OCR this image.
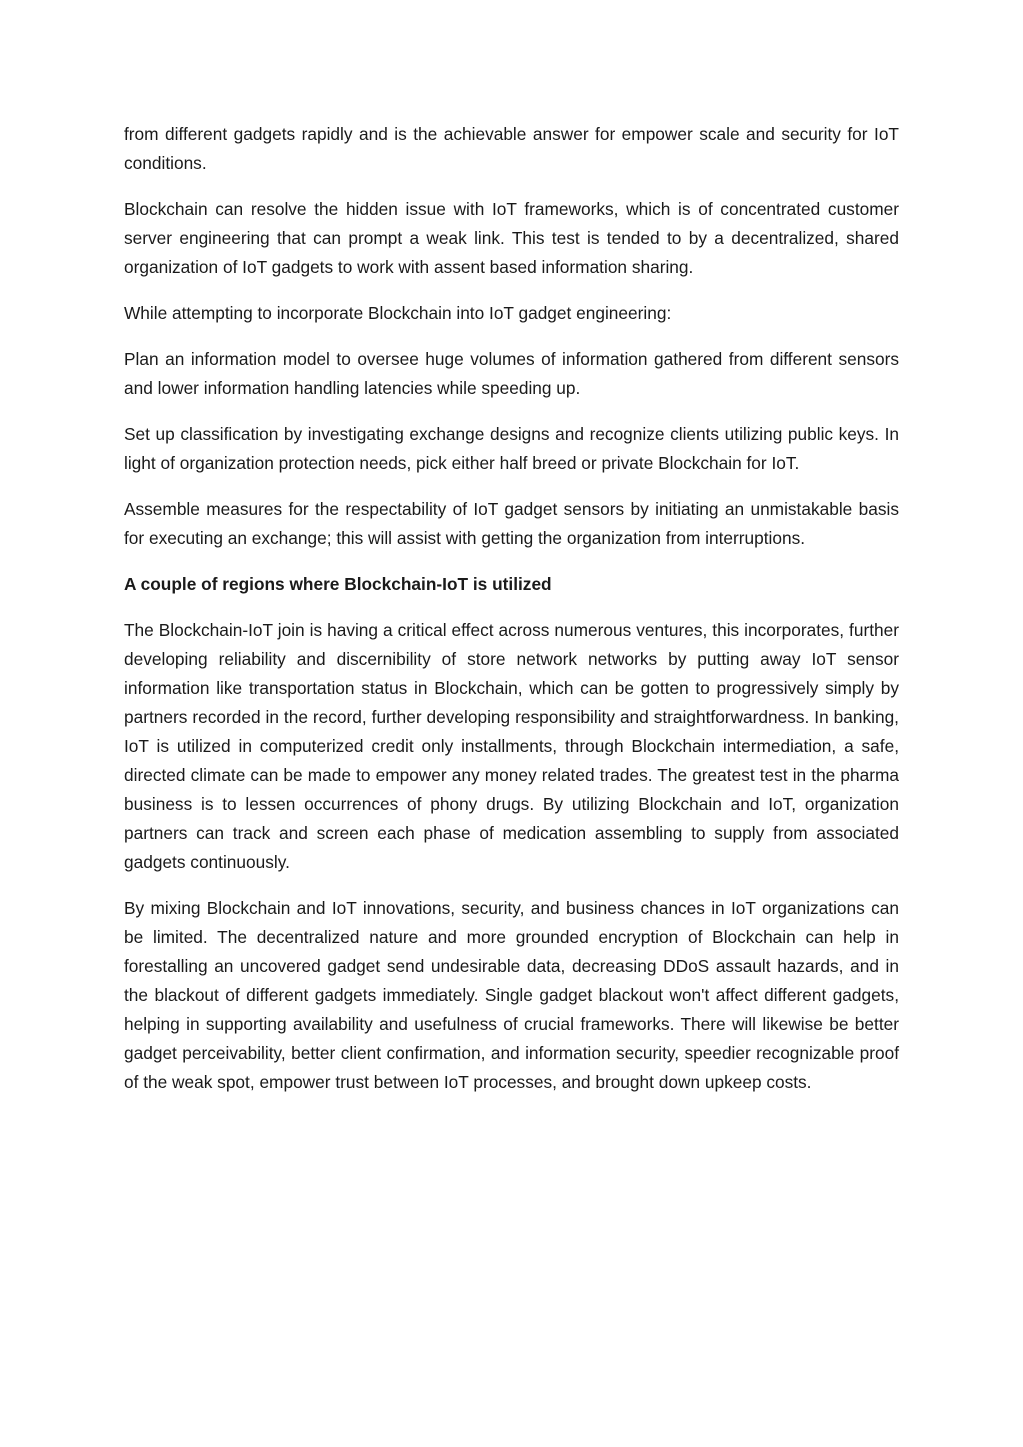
from different gadgets rapidly and is the achievable answer for empower scale and security for IoT conditions.

Blockchain can resolve the hidden issue with IoT frameworks, which is of concentrated customer server engineering that can prompt a weak link. This test is tended to by a decentralized, shared organization of IoT gadgets to work with assent based information sharing.

While attempting to incorporate Blockchain into IoT gadget engineering:

Plan an information model to oversee huge volumes of information gathered from different sensors and lower information handling latencies while speeding up.

Set up classification by investigating exchange designs and recognize clients utilizing public keys. In light of organization protection needs, pick either half breed or private Blockchain for IoT.

Assemble measures for the respectability of IoT gadget sensors by initiating an unmistakable basis for executing an exchange; this will assist with getting the organization from interruptions.

A couple of regions where Blockchain-IoT is utilized

The Blockchain-IoT join is having a critical effect across numerous ventures, this incorporates, further developing reliability and discernibility of store network networks by putting away IoT sensor information like transportation status in Blockchain, which can be gotten to progressively simply by partners recorded in the record, further developing responsibility and straightforwardness. In banking, IoT is utilized in computerized credit only installments, through Blockchain intermediation, a safe, directed climate can be made to empower any money related trades. The greatest test in the pharma business is to lessen occurrences of phony drugs. By utilizing Blockchain and IoT, organization partners can track and screen each phase of medication assembling to supply from associated gadgets continuously.

By mixing Blockchain and IoT innovations, security, and business chances in IoT organizations can be limited. The decentralized nature and more grounded encryption of Blockchain can help in forestalling an uncovered gadget send undesirable data, decreasing DDoS assault hazards, and in the blackout of different gadgets immediately. Single gadget blackout won't affect different gadgets, helping in supporting availability and usefulness of crucial frameworks. There will likewise be better gadget perceivability, better client confirmation, and information security, speedier recognizable proof of the weak spot, empower trust between IoT processes, and brought down upkeep costs.
